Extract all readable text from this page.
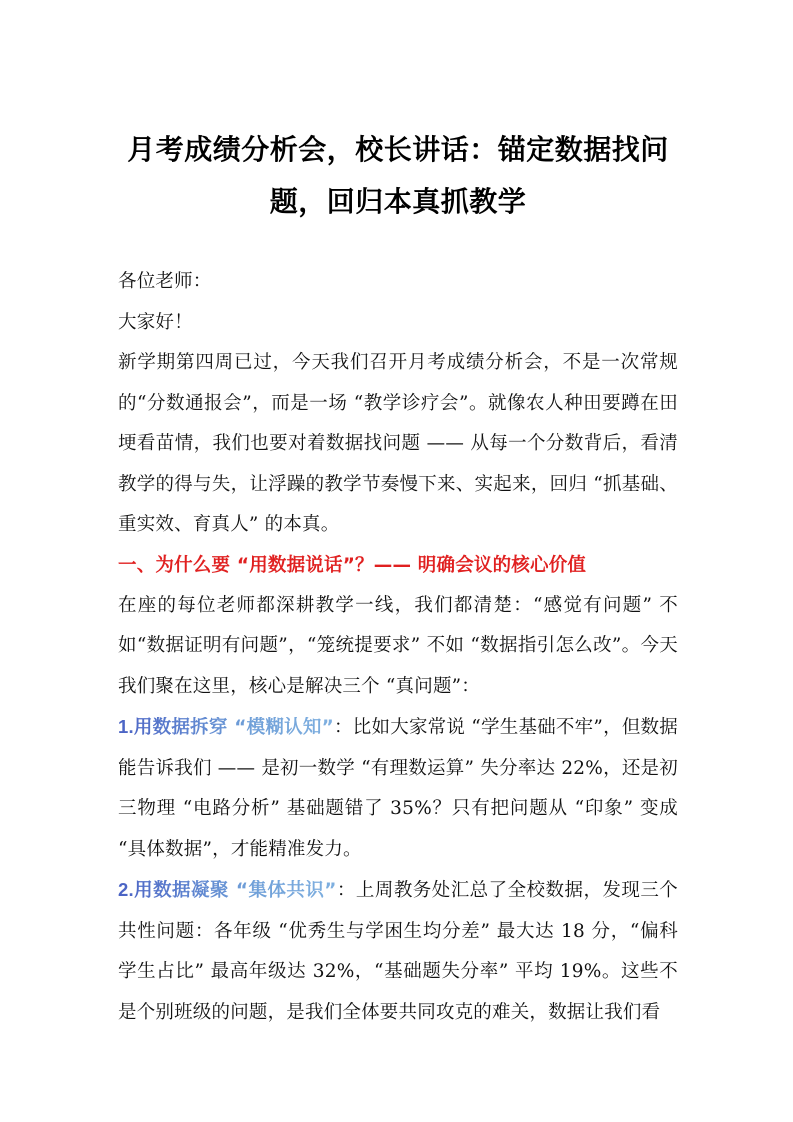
月考成绩分析会，校长讲话：锚定数据找问
题，回归本真抓教学

各位老师：

大家好！

新学期第四周已过，今天我们召开月考成绩分析会，不是一次常规的“分数通报会”，而是一场 “教学诊疗会”。就像农人种田要蹲在田埂看苗情，我们也要对着数据找问题 —— 从每一个分数背后，看清教学的得与失，让浮躁的教学节奏慢下来、实起来，回归 “抓基础、重实效、育真人” 的本真。

一、为什么要 “用数据说话”？—— 明确会议的核心价值

在座的每位老师都深耕教学一线，我们都清楚：“感觉有问题” 不如“数据证明有问题”，“笼统提要求” 不如 “数据指引怎么改”。今天我们聚在这里，核心是解决三个 “真问题”：

1.用数据拆穿 “模糊认知”：比如大家常说 “学生基础不牢”，但数据能告诉我们 —— 是初一数学 “有理数运算” 失分率达 22%，还是初三物理 “电路分析” 基础题错了 35%？只有把问题从 “印象” 变成 “具体数据”，才能精准发力。

2.用数据凝聚 “集体共识”：上周教务处汇总了全校数据，发现三个共性问题：各年级 “优秀生与学困生均分差” 最大达 18 分，“偏科学生占比” 最高年级达 32%，“基础题失分率” 平均 19%。这些不是个别班级的问题，是我们全体要共同攻克的难关，数据让我们看
